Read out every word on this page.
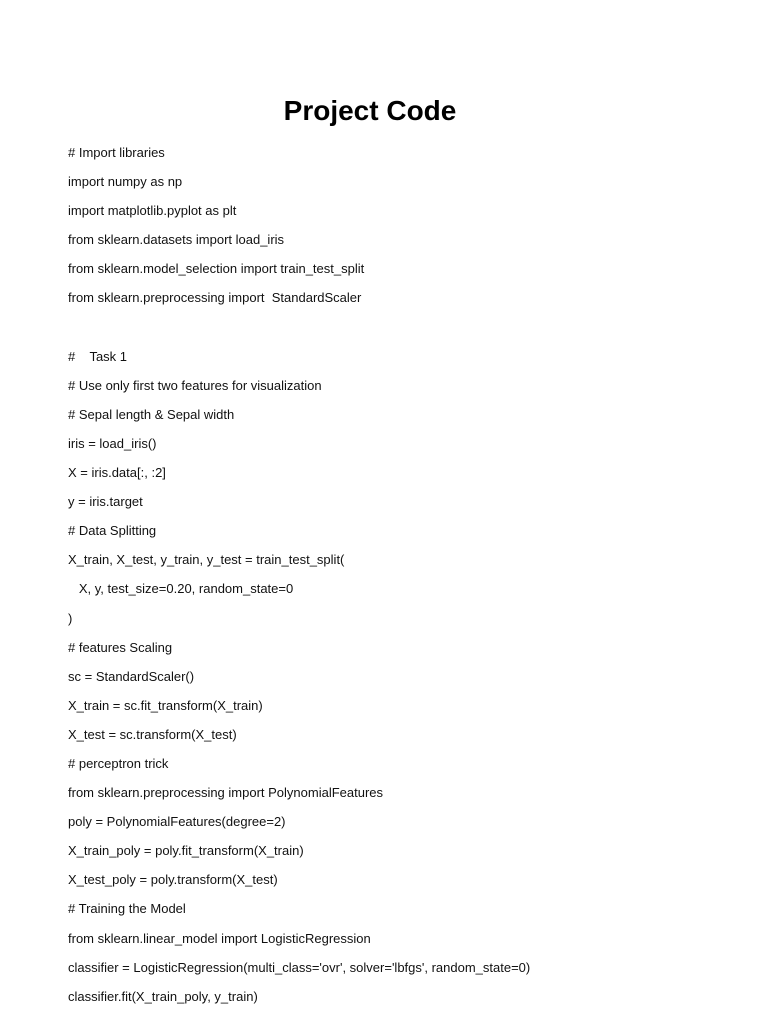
Project Code
# Import libraries
import numpy as np
import matplotlib.pyplot as plt
from sklearn.datasets import load_iris
from sklearn.model_selection import train_test_split
from sklearn.preprocessing import  StandardScaler
#    Task 1
# Use only first two features for visualization
# Sepal length & Sepal width
iris = load_iris()
X = iris.data[:, :2]
y = iris.target
# Data Splitting
X_train, X_test, y_train, y_test = train_test_split(
X, y, test_size=0.20, random_state=0
)
# features Scaling
sc = StandardScaler()
X_train = sc.fit_transform(X_train)
X_test = sc.transform(X_test)
# perceptron trick
from sklearn.preprocessing import PolynomialFeatures
poly = PolynomialFeatures(degree=2)
X_train_poly = poly.fit_transform(X_train)
X_test_poly = poly.transform(X_test)
# Training the Model
from sklearn.linear_model import LogisticRegression
classifier = LogisticRegression(multi_class='ovr', solver='lbfgs', random_state=0)
classifier.fit(X_train_poly, y_train)
